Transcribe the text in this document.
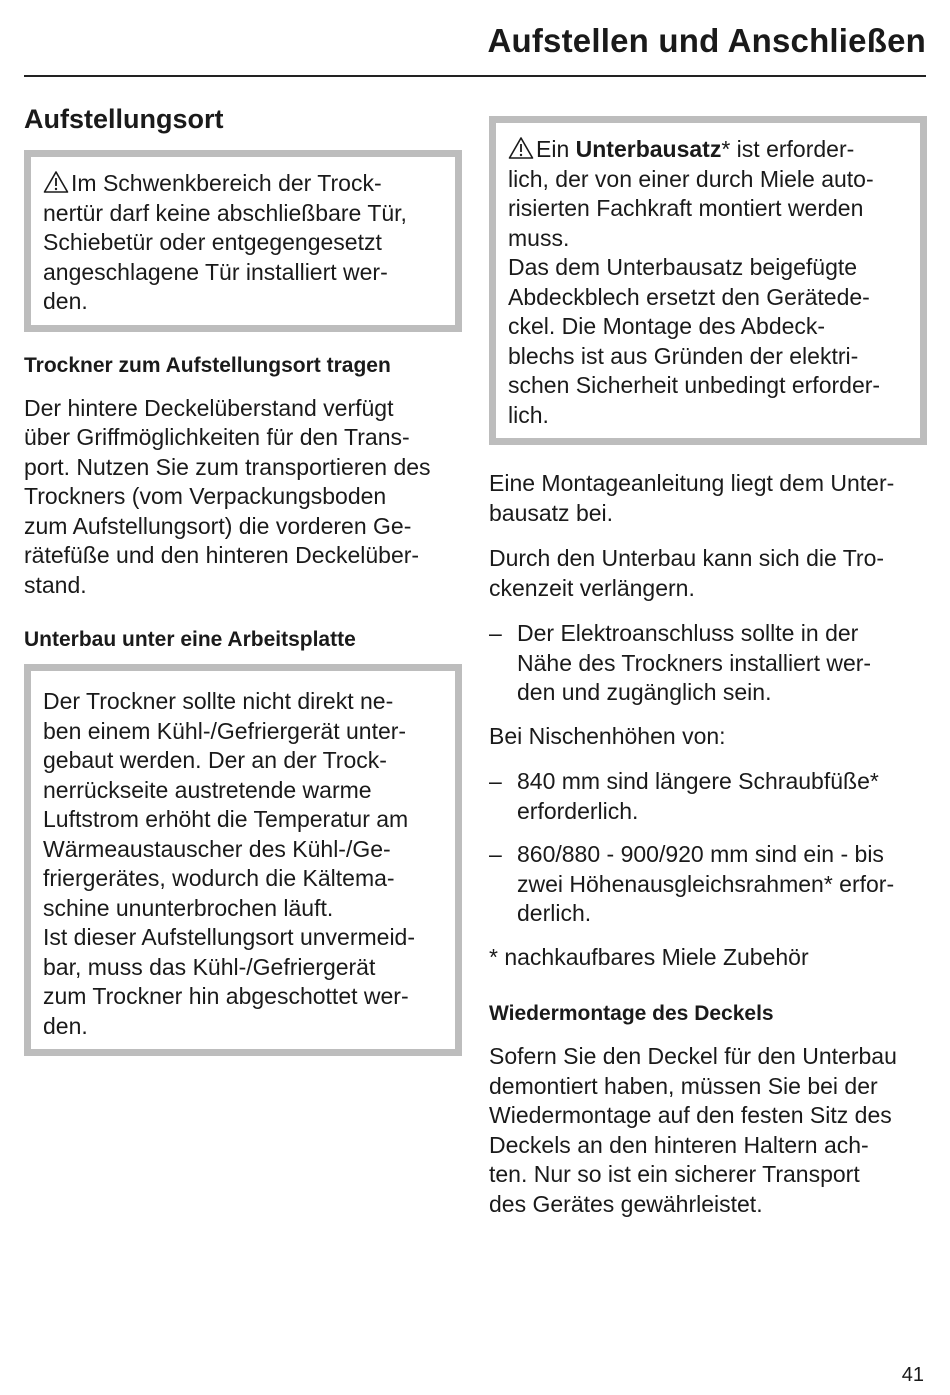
Aufstellen und Anschließen
Aufstellungsort

Im Schwenkbereich der Trock-
nertür darf keine abschließbare Tür,
Schiebetür oder entgegengesetzt
angeschlagene Tür installiert wer-
den.

Trockner zum Aufstellungsort tragen

Der hintere Deckelüberstand verfügt
über Griffmöglichkeiten für den Trans-
port. Nutzen Sie zum transportieren des
Trockners (vom Verpackungsboden
zum Aufstellungsort) die vorderen Ge-
rätefüße und den hinteren Deckelüber-
stand.

Unterbau unter eine Arbeitsplatte

Der Trockner sollte nicht direkt ne-
ben einem Kühl-/Gefriergerät unter-
gebaut werden. Der an der Trock-
nerrückseite austretende warme
Luftstrom erhöht die Temperatur am
Wärmeaustauscher des Kühl-/Ge-
friergerätes, wodurch die Kältema-
schine ununterbrochen läuft.
Ist dieser Aufstellungsort unvermeid-
bar, muss das Kühl-/Gefriergerät
zum Trockner hin abgeschottet wer-
den.

Ein Unterbausatz* ist erforder-
lich, der von einer durch Miele auto-
risierten Fachkraft montiert werden
muss.
Das dem Unterbausatz beigefügte
Abdeckblech ersetzt den Gerätede-
ckel. Die Montage des Abdeck-
blechs ist aus Gründen der elektri-
schen Sicherheit unbedingt erforder-
lich.

Eine Montageanleitung liegt dem Unter-
bausatz bei.

Durch den Unterbau kann sich die Tro-
ckenzeit verlängern.

– Der Elektroanschluss sollte in der
Nähe des Trockners installiert wer-
den und zugänglich sein.

Bei Nischenhöhen von:

– 840 mm sind längere Schraubfüße*
erforderlich.
– 860/880 - 900/920 mm sind ein - bis
zwei Höhenausgleichsrahmen* erfor-
derlich.

* nachkaufbares Miele Zubehör

Wiedermontage des Deckels

Sofern Sie den Deckel für den Unterbau
demontiert haben, müssen Sie bei der
Wiedermontage auf den festen Sitz des
Deckels an den hinteren Haltern ach-
ten. Nur so ist ein sicherer Transport
des Gerätes gewährleistet.

41
